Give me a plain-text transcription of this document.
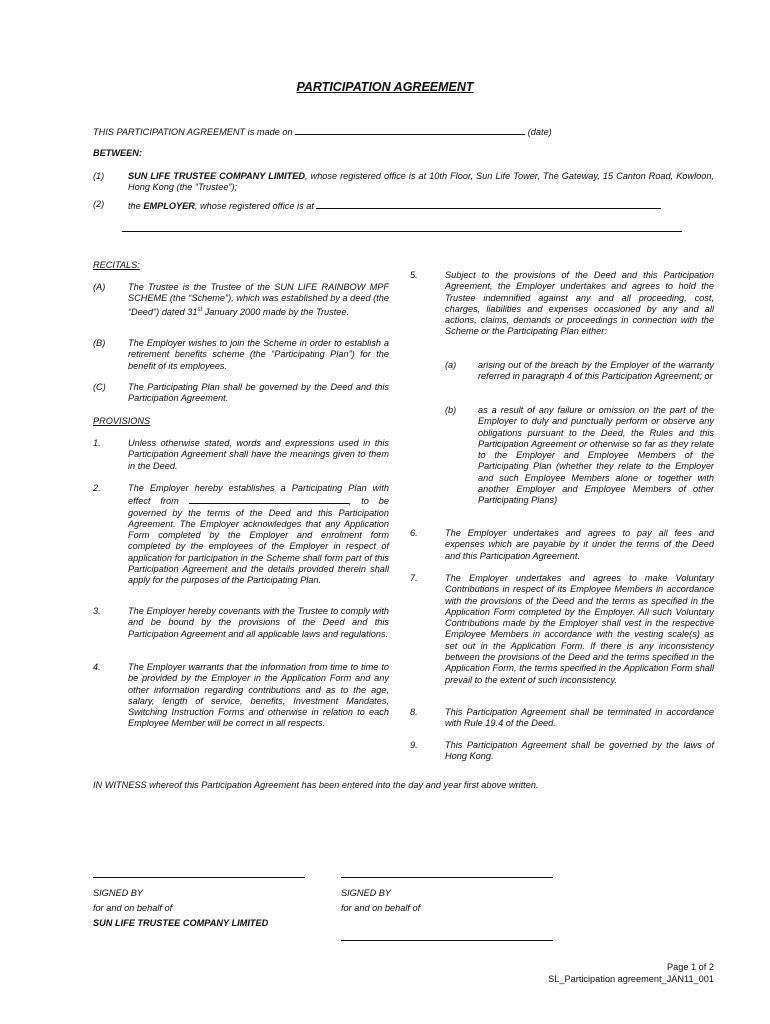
PARTICIPATION AGREEMENT
THIS PARTICIPATION AGREEMENT is made on	(date)
BETWEEN:
(1)	SUN LIFE TRUSTEE COMPANY LIMITED, whose registered office is at 10th Floor, Sun Life Tower, The Gateway, 15 Canton Road, Kowloon, Hong Kong (the “Trustee”);
(2)	the EMPLOYER, whose registered office is at
RECITALS:
(A) The Trustee is the Trustee of the SUN LIFE RAINBOW MPF SCHEME (the “Scheme”), which was established by a deed (the “Deed”) dated 31st January 2000 made by the Trustee.
(B) The Employer wishes to join the Scheme in order to establish a retirement benefits scheme (the “Participating Plan”) for the benefit of its employees.
(C) The Participating Plan shall be governed by the Deed and this Participation Agreement.
PROVISIONS
1.	Unless otherwise stated, words and expressions used in this Participation Agreement shall have the meanings given to them in the Deed.
2.	The Employer hereby establishes a Participating Plan with effect from	, to be governed by the terms of the Deed and this Participation Agreement. The Employer acknowledges that any Application Form completed by the Employer and enrolment form completed by the employees of the Employer in respect of application for participation in the Scheme shall form part of this Participation Agreement and the details provided therein shall apply for the purposes of the Participating Plan.
3.	The Employer hereby covenants with the Trustee to comply with and be bound by the provisions of the Deed and this Participation Agreement and all applicable laws and regulations.
4.	The Employer warrants that the information from time to time to be provided by the Employer in the Application Form and any other information regarding contributions and as to the age, salary, length of service, benefits, Investment Mandates, Switching Instruction Forms and otherwise in relation to each Employee Member will be correct in all respects.
5.	Subject to the provisions of the Deed and this Participation Agreement, the Employer undertakes and agrees to hold the Trustee indemnified against any and all proceeding, cost, charges, liabilities and expenses occasioned by any and all actions, claims, demands or proceedings in connection with the Scheme or the Participating Plan either:
(a) arising out of the breach by the Employer of the warranty referred in paragraph 4 of this Participation Agreement; or
(b) as a result of any failure or omission on the part of the Employer to duly and punctually perform or observe any obligations pursuant to the Deed, the Rules and this Participation Agreement or otherwise so far as they relate to the Employer and Employee Members of the Participating Plan (whether they relate to the Employer and such Employee Members alone or together with another Employer and Employee Members of other Participating Plans)
6.	The Employer undertakes and agrees to pay all fees and expenses which are payable by it under the terms of the Deed and this Participation Agreement.
7.	The Employer undertakes and agrees to make Voluntary Contributions in respect of its Employee Members in accordance with the provisions of the Deed and the terms as specified in the Application Form completed by the Employer. All such Voluntary Contributions made by the Employer shall vest in the respective Employee Members in accordance with the vesting scale(s) as set out in the Application Form. If there is any inconsistency between the provisions of the Deed and the terms specified in the Application Form, the terms specified in the Application Form shall prevail to the extent of such inconsistency.
8.	This Participation Agreement shall be terminated in accordance with Rule 19.4 of the Deed.
9.	This Participation Agreement shall be governed by the laws of Hong Kong.
IN WITNESS whereof this Participation Agreement has been entered into the day and year first above written.
SIGNED BY
for and on behalf of
SUN LIFE TRUSTEE COMPANY LIMITED
SIGNED BY
for and on behalf of
Page 1 of 2
SL_Participation agreement_JAN11_001
